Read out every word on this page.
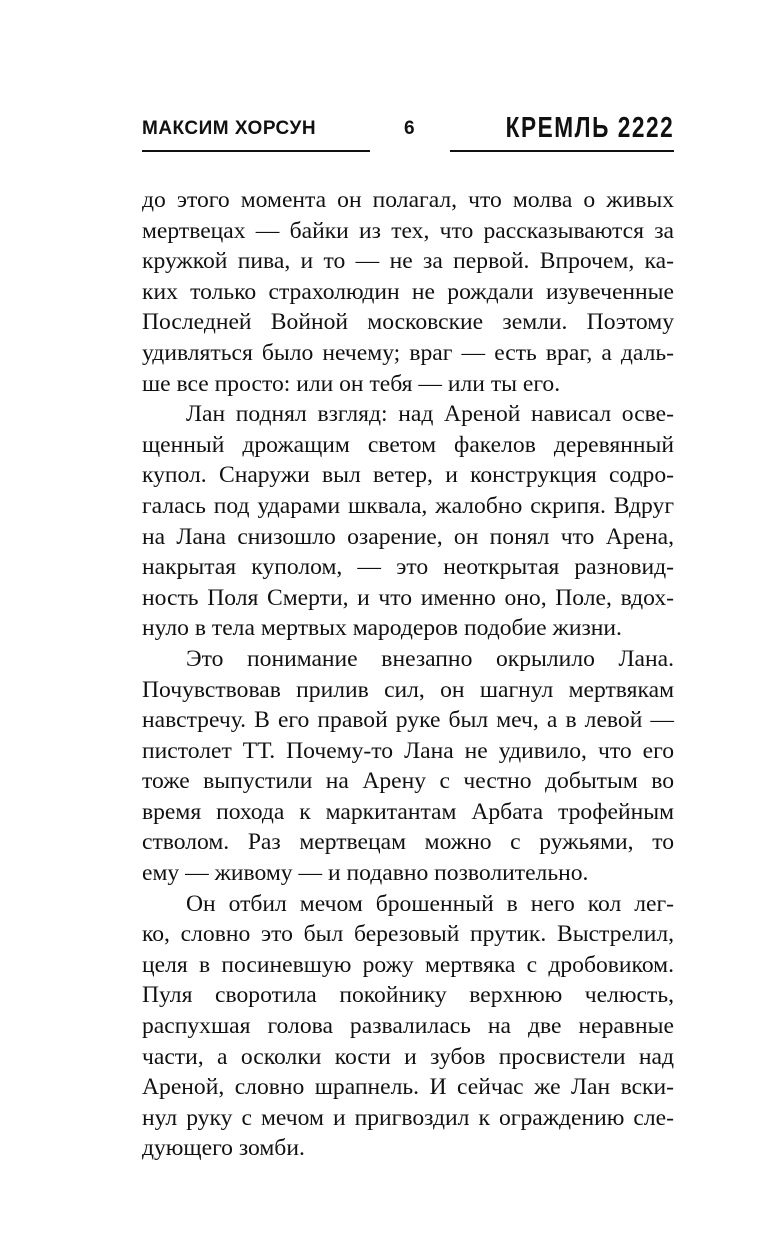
МАКСИМ ХОРСУН	6	КРЕМЛЬ 2222

до этого момента он полагал, что молва о живых

мертвецах — байки из тех, что рассказываются за

кружкой пива, и то — не за первой. Впрочем, ка-

ких только страхолюдин не рождали изувеченные

Последней Войной московские земли. Поэтому

удивляться было нечему; враг — есть враг, а даль-

ше все просто: или он тебя — или ты его.

Лан поднял взгляд: над Ареной нависал осве-

щенный дрожащим светом факелов деревянный

купол. Снаружи выл ветер, и конструкция содро-

галась под ударами шквала, жалобно скрипя. Вдруг

на Лана снизошло озарение, он понял что Арена,

накрытая куполом, — это неоткрытая разновид-

ность Поля Смерти, и что именно оно, Поле, вдох-

нуло в тела мертвых мародеров подобие жизни.

Это понимание внезапно окрылило Лана.

Почувствовав прилив сил, он шагнул мертвякам

навстречу. В его правой руке был меч, а в левой —

пистолет ТТ. Почему-то Лана не удивило, что его

тоже выпустили на Арену с честно добытым во

время похода к маркитантам Арбата трофейным

стволом. Раз мертвецам можно с ружьями, то

ему — живому — и подавно позволительно.

Он отбил мечом брошенный в него кол лег-

ко, словно это был березовый прутик. Выстрелил,

целя в посиневшую рожу мертвяка с дробовиком.

Пуля своротила покойнику верхнюю челюсть,

распухшая голова развалилась на две неравные

части, а осколки кости и зубов просвистели над

Ареной, словно шрапнель. И сейчас же Лан вски-

нул руку с мечом и пригвоздил к ограждению сле-

дующего зомби.
